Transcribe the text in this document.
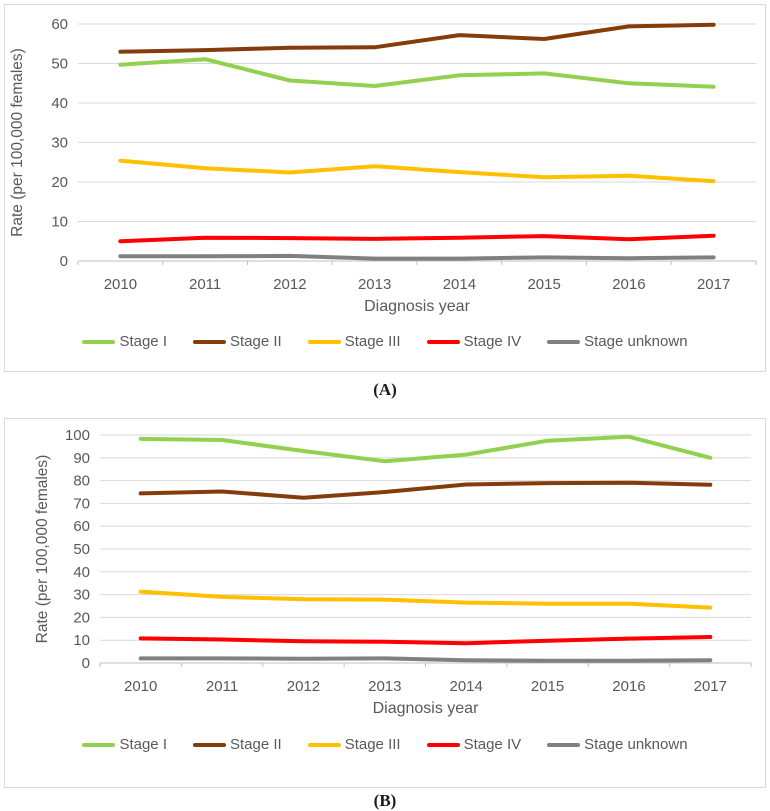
0
10
20
30
40
50
60
2010	2011	2012	2013	2014	2015	2016	2017
Rate (per 100,000 females)
Diagnosis year
Stage I	Stage II	Stage III	Stage IV	Stage unknown
(A)
0
10
20
30
40
50
60
70
80
90
100
2010	2011	2012	2013	2014	2015	2016	2017
Rate (per 100,000 females)
Diagnosis year
Stage I	Stage II	Stage III	Stage IV	Stage unknown
(B)
